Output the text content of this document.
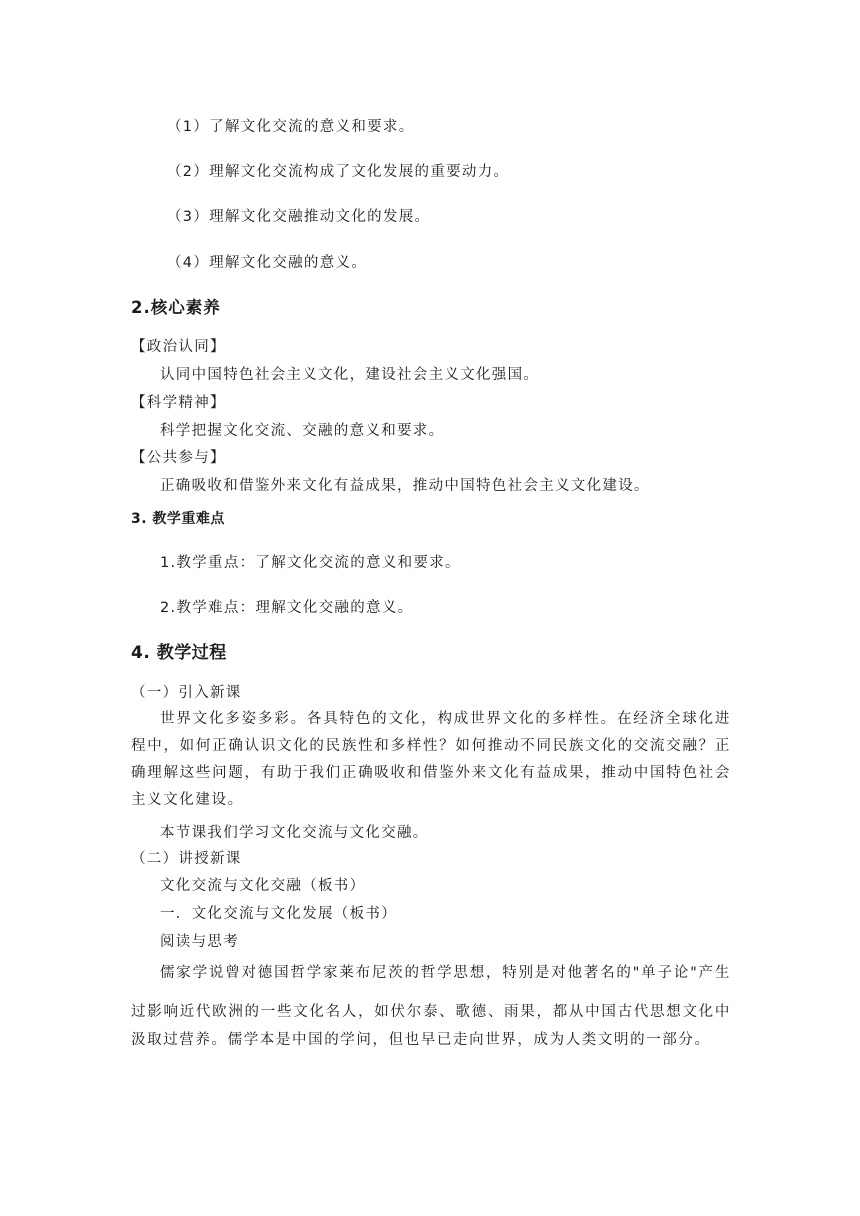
（1）了解文化交流的意义和要求。
（2）理解文化交流构成了文化发展的重要动力。
（3）理解文化交融推动文化的发展。
（4）理解文化交融的意义。
2.核心素养
【政治认同】
认同中国特色社会主义文化，建设社会主义文化强国。
【科学精神】
科学把握文化交流、交融的意义和要求。
【公共参与】
正确吸收和借鉴外来文化有益成果，推动中国特色社会主义文化建设。
3. 教学重难点
1.教学重点：了解文化交流的意义和要求。
2.教学难点：理解文化交融的意义。
4. 教学过程
（一）引入新课
世界文化多姿多彩。各具特色的文化，构成世界文化的多样性。在经济全球化进程中，如何正确认识文化的民族性和多样性？如何推动不同民族文化的交流交融？正确理解这些问题，有助于我们正确吸收和借鉴外来文化有益成果，推动中国特色社会主义文化建设。
本节课我们学习文化交流与文化交融。
（二）讲授新课
文化交流与文化交融（板书）
一．文化交流与文化发展（板书）
阅读与思考
儒家学说曾对德国哲学家莱布尼茨的哲学思想，特别是对他著名的"单子论"产生
过影响近代欧洲的一些文化名人，如伏尔泰、歌德、雨果，都从中国古代思想文化中汲取过营养。儒学本是中国的学问，但也早已走向世界，成为人类文明的一部分。
